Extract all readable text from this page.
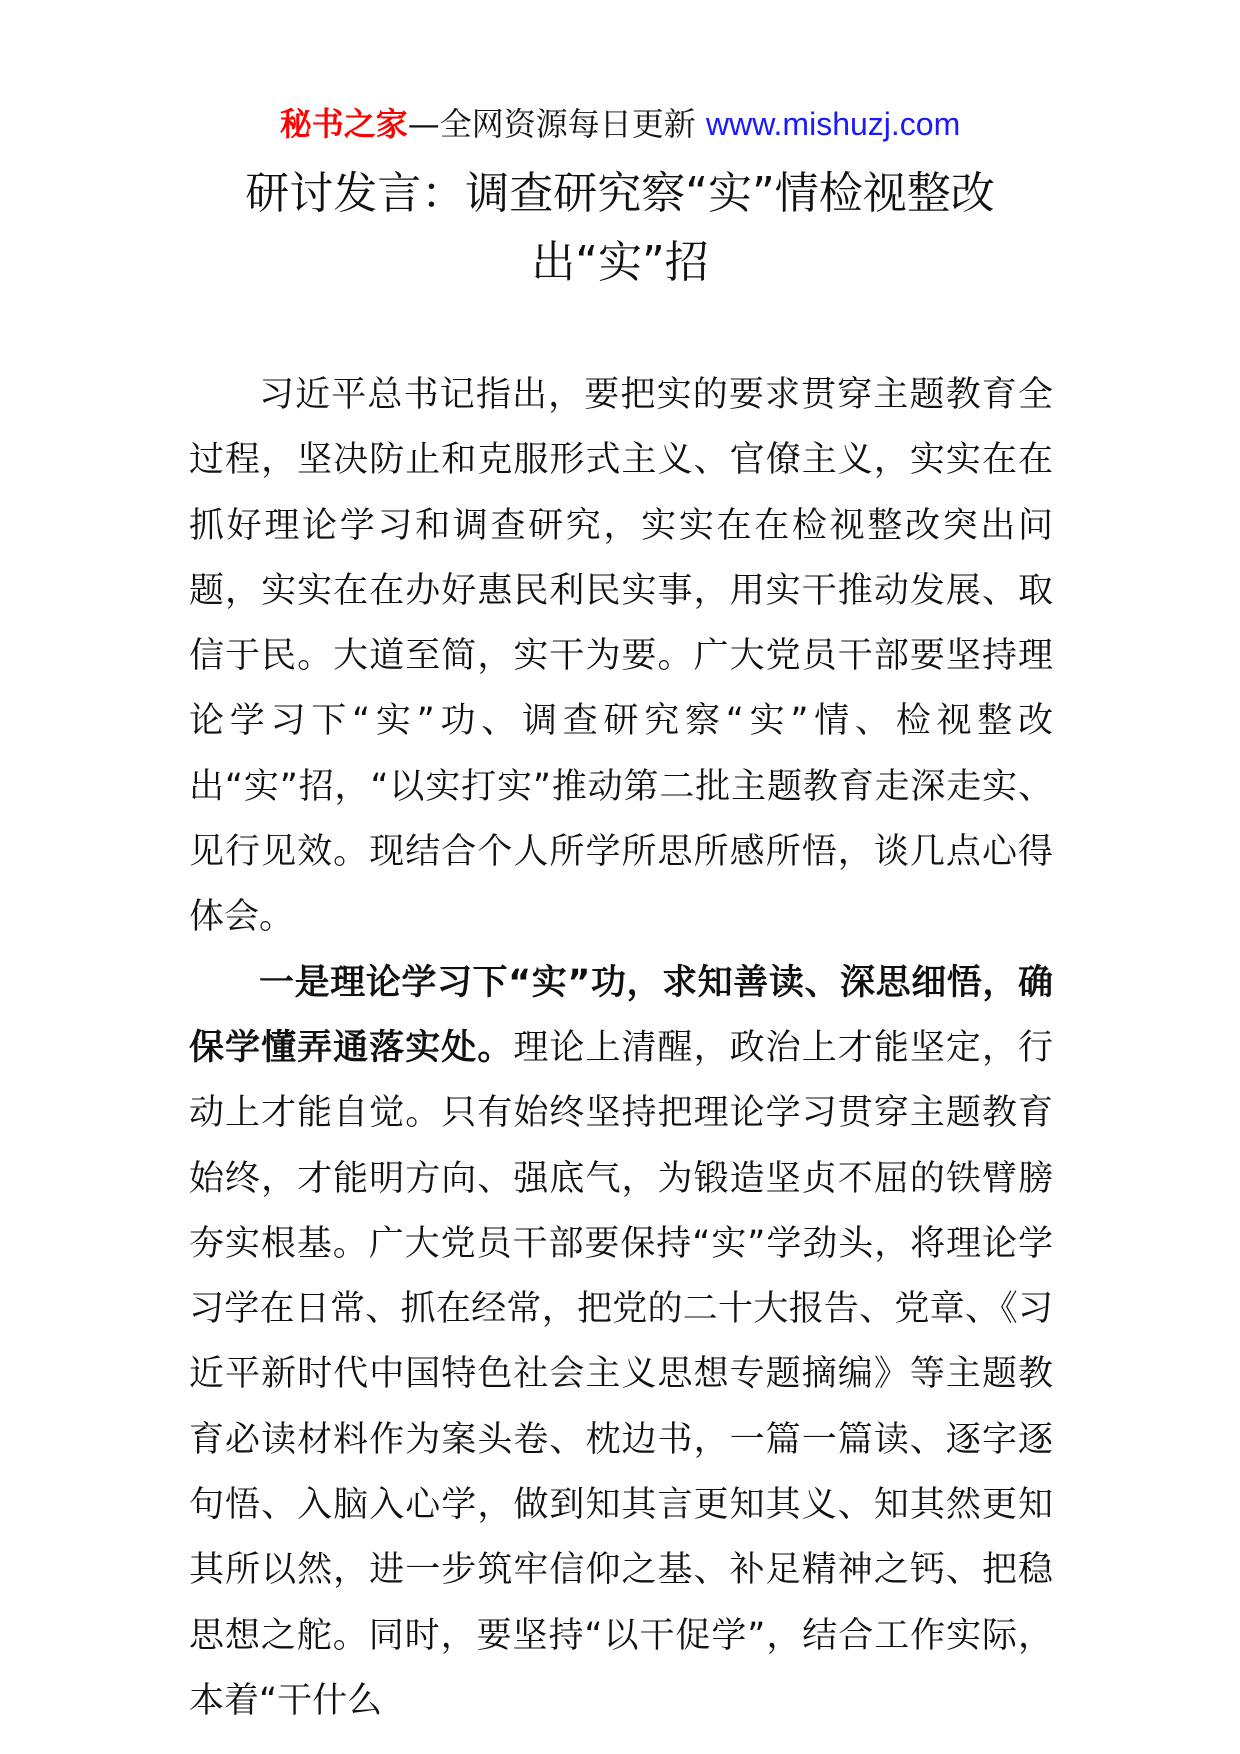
秘书之家—全网资源每日更新 www.mishuzj.com
研讨发言：调查研究察“实”情检视整改
出“实”招

习近平总书记指出，要把实的要求贯穿主题教育全过程，坚决防止和克服形式主义、官僚主义，实实在在抓好理论学习和调查研究，实实在在检视整改突出问题，实实在在办好惠民利民实事，用实干推动发展、取信于民。大道至简，实干为要。广大党员干部要坚持理论学习下“实”功、调查研究察“实”情、检视整改出“实”招，“以实打实”推动第二批主题教育走深走实、见行见效。现结合个人所学所思所感所悟，谈几点心得体会。

一是理论学习下“实”功，求知善读、深思细悟，确保学懂弄通落实处。理论上清醒，政治上才能坚定，行动上才能自觉。只有始终坚持把理论学习贯穿主题教育始终，才能明方向、强底气，为锻造坚贞不屈的铁臂膀夯实根基。广大党员干部要保持“实”学劲头，将理论学习学在日常、抓在经常，把党的二十大报告、党章、《习近平新时代中国特色社会主义思想专题摘编》等主题教育必读材料作为案头卷、枕边书，一篇一篇读、逐字逐句悟、入脑入心学，做到知其言更知其义、知其然更知其所以然，进一步筑牢信仰之基、补足精神之钙、把稳思想之舵。同时，要坚持“以干促学”，结合工作实际，本着“干什么
